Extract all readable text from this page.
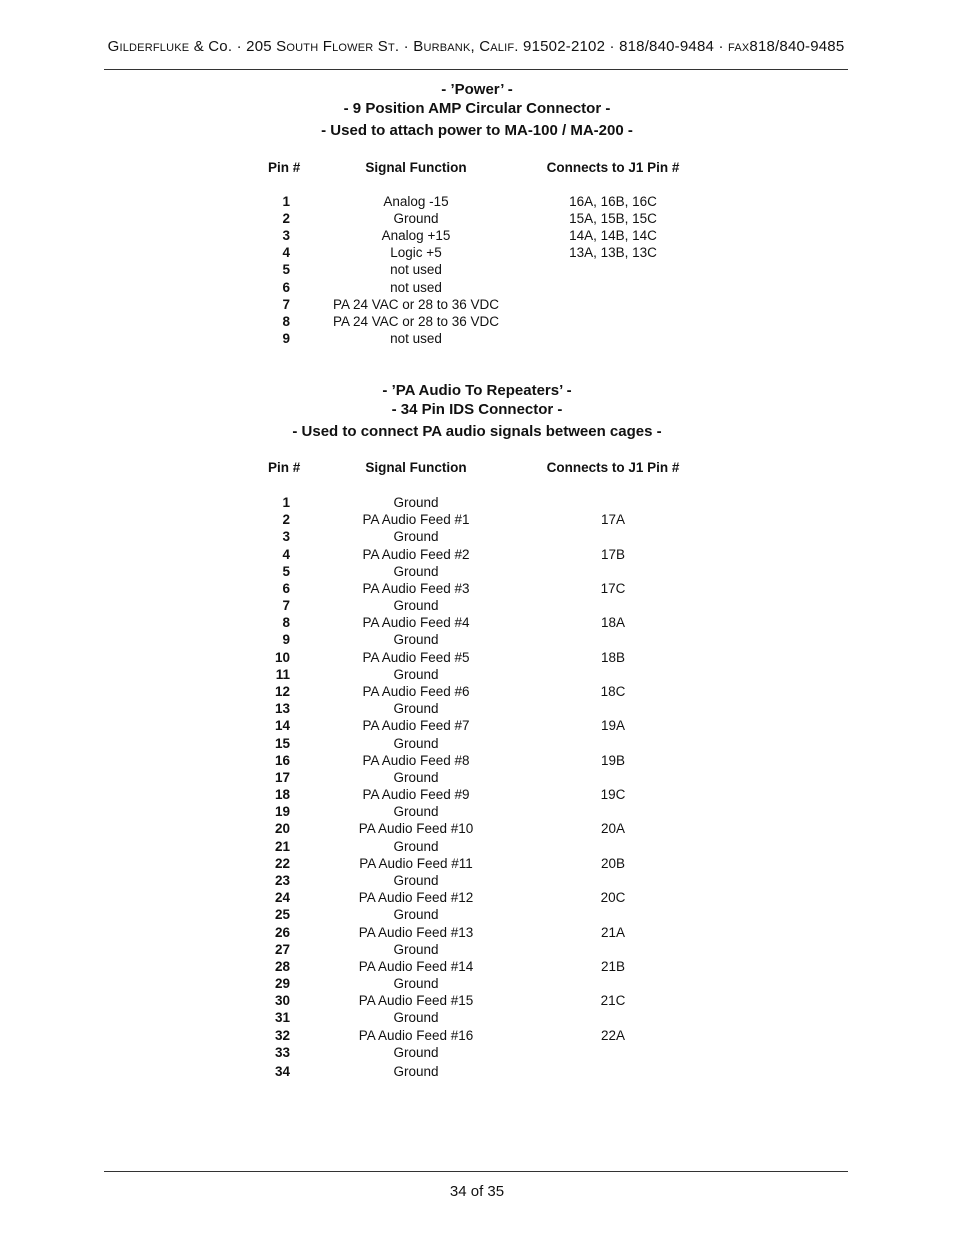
Gilderfluke & Co. · 205 South Flower St. · Burbank, Calif. 91502-2102 · 818/840-9484 · fax818/840-9485
- ’Power’ -
- 9 Position AMP Circular Connector -
- Used to attach power to MA-100 / MA-200 -
Pin #	Signal Function	Connects to J1 Pin #
1	Analog -15	16A, 16B, 16C
2	Ground	15A, 15B, 15C
3	Analog +15	14A, 14B, 14C
4	Logic +5	13A, 13B, 13C
5	not used
6	not used
7	PA 24 VAC or 28 to 36 VDC
8	PA 24 VAC or 28 to 36 VDC
9	not used
- ’PA Audio To Repeaters’ -
- 34 Pin IDS Connector -
- Used to connect PA audio signals between cages -
Pin #	Signal Function	Connects to J1 Pin #
1	Ground
2	PA Audio Feed #1	17A
3	Ground
4	PA Audio Feed #2	17B
5	Ground
6	PA Audio Feed #3	17C
7	Ground
8	PA Audio Feed #4	18A
9	Ground
10	PA Audio Feed #5	18B
11	Ground
12	PA Audio Feed #6	18C
13	Ground
14	PA Audio Feed #7	19A
15	Ground
16	PA Audio Feed #8	19B
17	Ground
18	PA Audio Feed #9	19C
19	Ground
20	PA Audio Feed #10	20A
21	Ground
22	PA Audio Feed #11	20B
23	Ground
24	PA Audio Feed #12	20C
25	Ground
26	PA Audio Feed #13	21A
27	Ground
28	PA Audio Feed #14	21B
29	Ground
30	PA Audio Feed #15	21C
31	Ground
32	PA Audio Feed #16	22A
33	Ground
34	Ground
34 of 35
